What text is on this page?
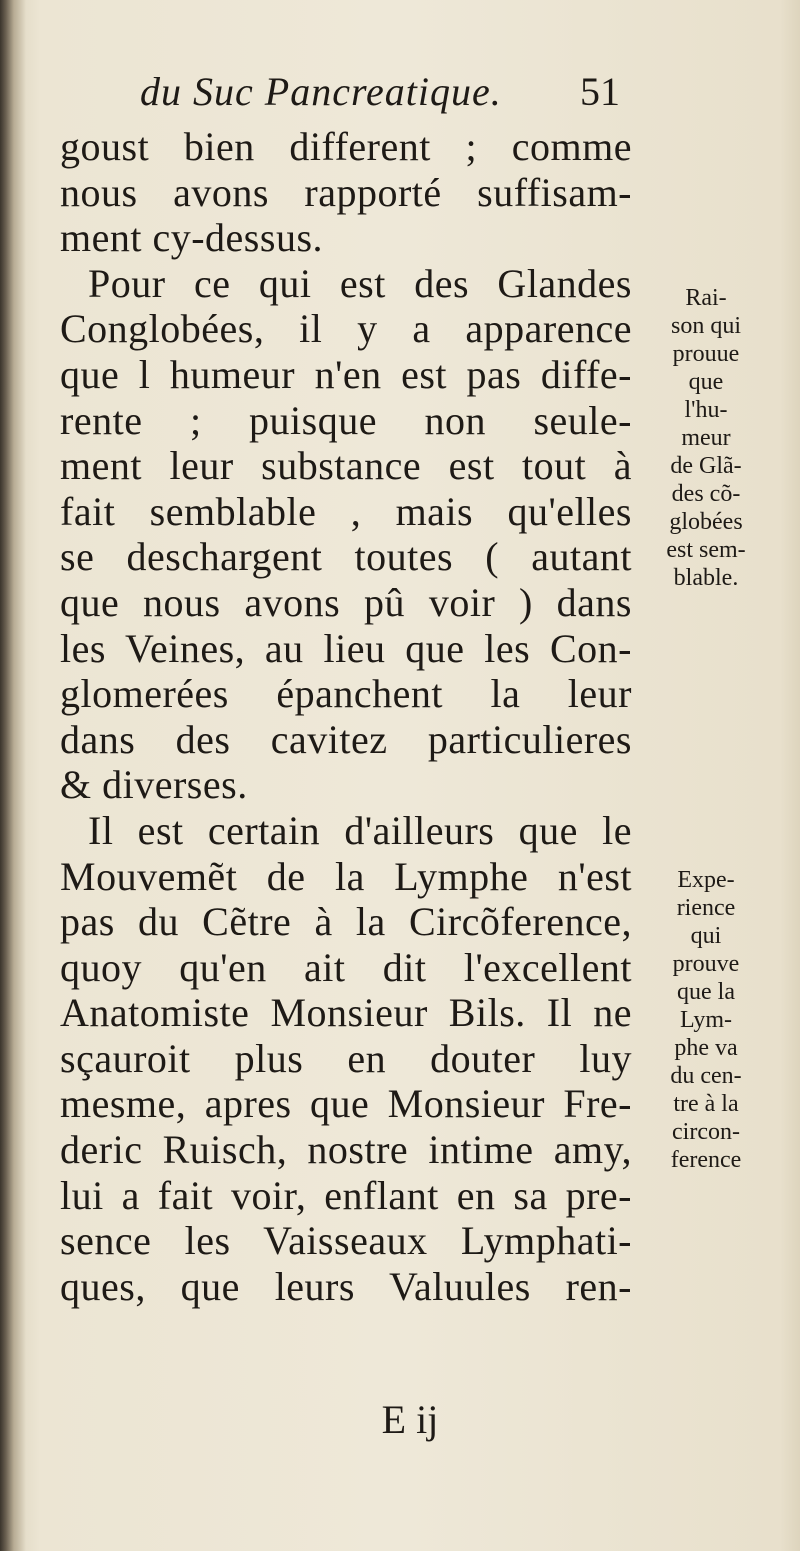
du Suc Pancreatique. 51
goust bien different ; comme
nous avons rapporté suffisam-
ment cy-dessus.
Pour ce qui est des Glandes
Conglobées, il y a apparence
que l humeur n'en est pas diffe-
rente ; puisque non seule-
ment leur substance est tout à
fait semblable , mais qu'elles
se deschargent toutes ( autant
que nous avons pû voir ) dans
les Veines, au lieu que les Con-
glomerées épanchent la leur
dans des cavitez particulieres
& diverses.
Il est certain d'ailleurs que le
Mouvemẽt de la Lymphe n'est
pas du Cẽtre à la Circõference,
quoy qu'en ait dit l'excellent
Anatomiste Monsieur Bils. Il ne
sçauroit plus en douter luy
mesme, apres que Monsieur Fre-
deric Ruisch, nostre intime amy,
lui a fait voir, enflant en sa pre-
sence les Vaisseaux Lymphati-
ques, que leurs Valuules ren-
Rai-
son qui
prouue
que
l'hu-
meur
de Glã-
des cõ-
globées
est sem-
blable.
Expe-
rience
qui
prouve
que la
Lym-
phe va
du cen-
tre à la
circon-
ference
E ij
